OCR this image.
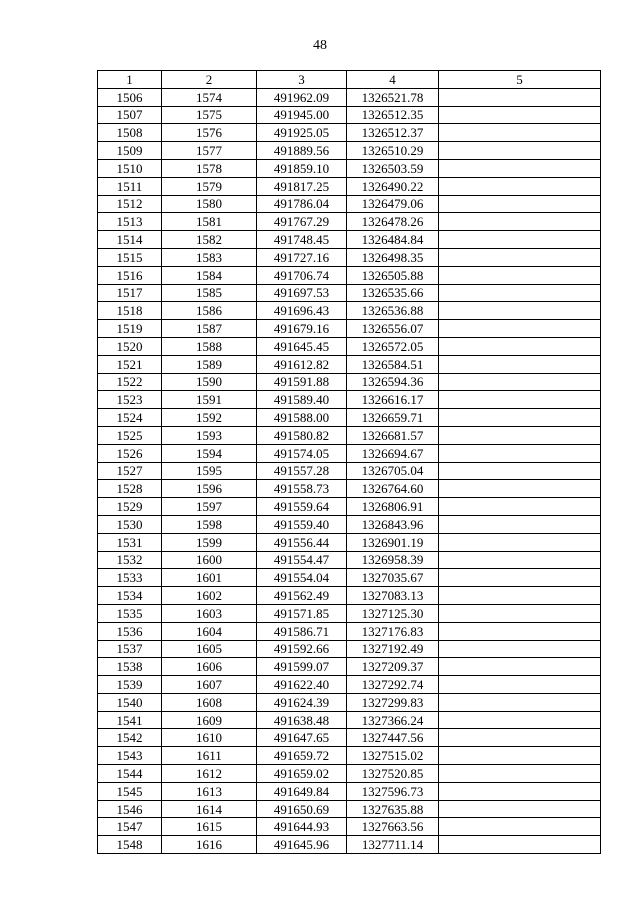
48
1	2	3	4	5
1506	1574	491962.09	1326521.78	
1507	1575	491945.00	1326512.35	
1508	1576	491925.05	1326512.37	
1509	1577	491889.56	1326510.29	
1510	1578	491859.10	1326503.59	
1511	1579	491817.25	1326490.22	
1512	1580	491786.04	1326479.06	
1513	1581	491767.29	1326478.26	
1514	1582	491748.45	1326484.84	
1515	1583	491727.16	1326498.35	
1516	1584	491706.74	1326505.88	
1517	1585	491697.53	1326535.66	
1518	1586	491696.43	1326536.88	
1519	1587	491679.16	1326556.07	
1520	1588	491645.45	1326572.05	
1521	1589	491612.82	1326584.51	
1522	1590	491591.88	1326594.36	
1523	1591	491589.40	1326616.17	
1524	1592	491588.00	1326659.71	
1525	1593	491580.82	1326681.57	
1526	1594	491574.05	1326694.67	
1527	1595	491557.28	1326705.04	
1528	1596	491558.73	1326764.60	
1529	1597	491559.64	1326806.91	
1530	1598	491559.40	1326843.96	
1531	1599	491556.44	1326901.19	
1532	1600	491554.47	1326958.39	
1533	1601	491554.04	1327035.67	
1534	1602	491562.49	1327083.13	
1535	1603	491571.85	1327125.30	
1536	1604	491586.71	1327176.83	
1537	1605	491592.66	1327192.49	
1538	1606	491599.07	1327209.37	
1539	1607	491622.40	1327292.74	
1540	1608	491624.39	1327299.83	
1541	1609	491638.48	1327366.24	
1542	1610	491647.65	1327447.56	
1543	1611	491659.72	1327515.02	
1544	1612	491659.02	1327520.85	
1545	1613	491649.84	1327596.73	
1546	1614	491650.69	1327635.88	
1547	1615	491644.93	1327663.56	
1548	1616	491645.96	1327711.14	
